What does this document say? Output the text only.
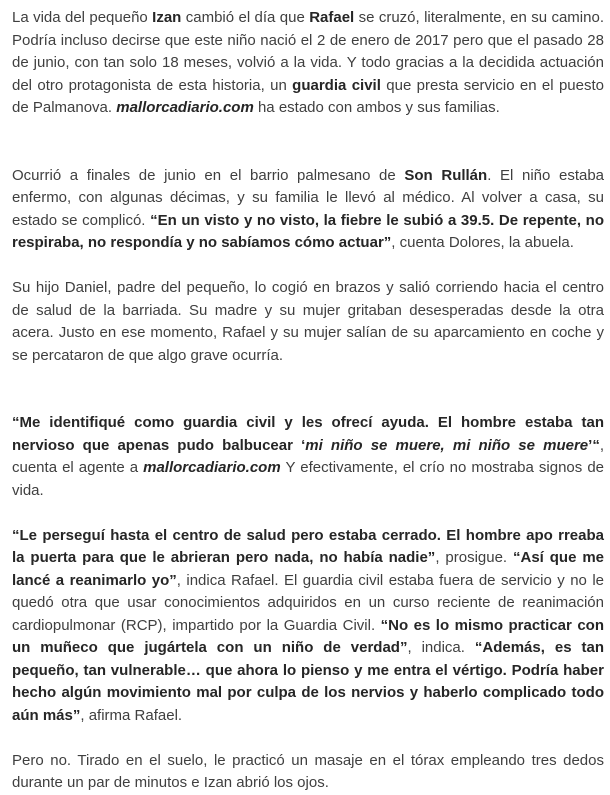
La vida del pequeño Izan cambió el día que Rafael se cruzó, literalmente, en su camino. Podría incluso decirse que este niño nació el 2 de enero de 2017 pero que el pasado 28 de junio, con tan solo 18 meses, volvió a la vida. Y todo gracias a la decidida actuación del otro protagonista de esta historia, un guardia civil que presta servicio en el puesto de Palmanova. mallorcadiario.com ha estado con ambos y sus familias.

Ocurrió a finales de junio en el barrio palmesano de Son Rullán. El niño estaba enfermo, con algunas décimas, y su familia le llevó al médico. Al volver a casa, su estado se complicó. “En un visto y no visto, la fiebre le subió a 39.5. De repente, no respiraba, no respondía y no sabíamos cómo actuar”, cuenta Dolores, la abuela.

Su hijo Daniel, padre del pequeño, lo cogió en brazos y salió corriendo hacia el centro de salud de la barriada. Su madre y su mujer gritaban desesperadas desde la otra acera. Justo en ese momento, Rafael y su mujer salían de su aparcamiento en coche y se percataron de que algo grave ocurría.

“Me identifiqué como guardia civil y les ofrecí ayuda. El hombre estaba tan nervioso que apenas pudo balbucear ‘mi niño se muere, mi niño se muere’“, cuenta el agente a mallorcadiario.com Y efectivamente, el crío no mostraba signos de vida.

“Le perseguí hasta el centro de salud pero estaba cerrado. El hombre apo rreaba la puerta para que le abrieran pero nada, no había nadie”, prosigue. “Así que me lancé a reanimarlo yo”, indica Rafael. El guardia civil estaba fuera de servicio y no le quedó otra que usar conocimientos adquiridos en un curso reciente de reanimación cardiopulmonar (RCP), impartido por la Guardia Civil. “No es lo mismo practicar con un muñeco que jugártela con un niño de verdad”, indica. “Además, es tan pequeño, tan vulnerable… que ahora lo pienso y me entra el vértigo. Podría haber hecho algún movimiento mal por culpa de los nervios y haberlo complicado todo aún más”, afirma Rafael.

Pero no. Tirado en el suelo, le practicó un masaje en el tórax empleando tres dedos durante un par de minutos e Izan abrió los ojos.
